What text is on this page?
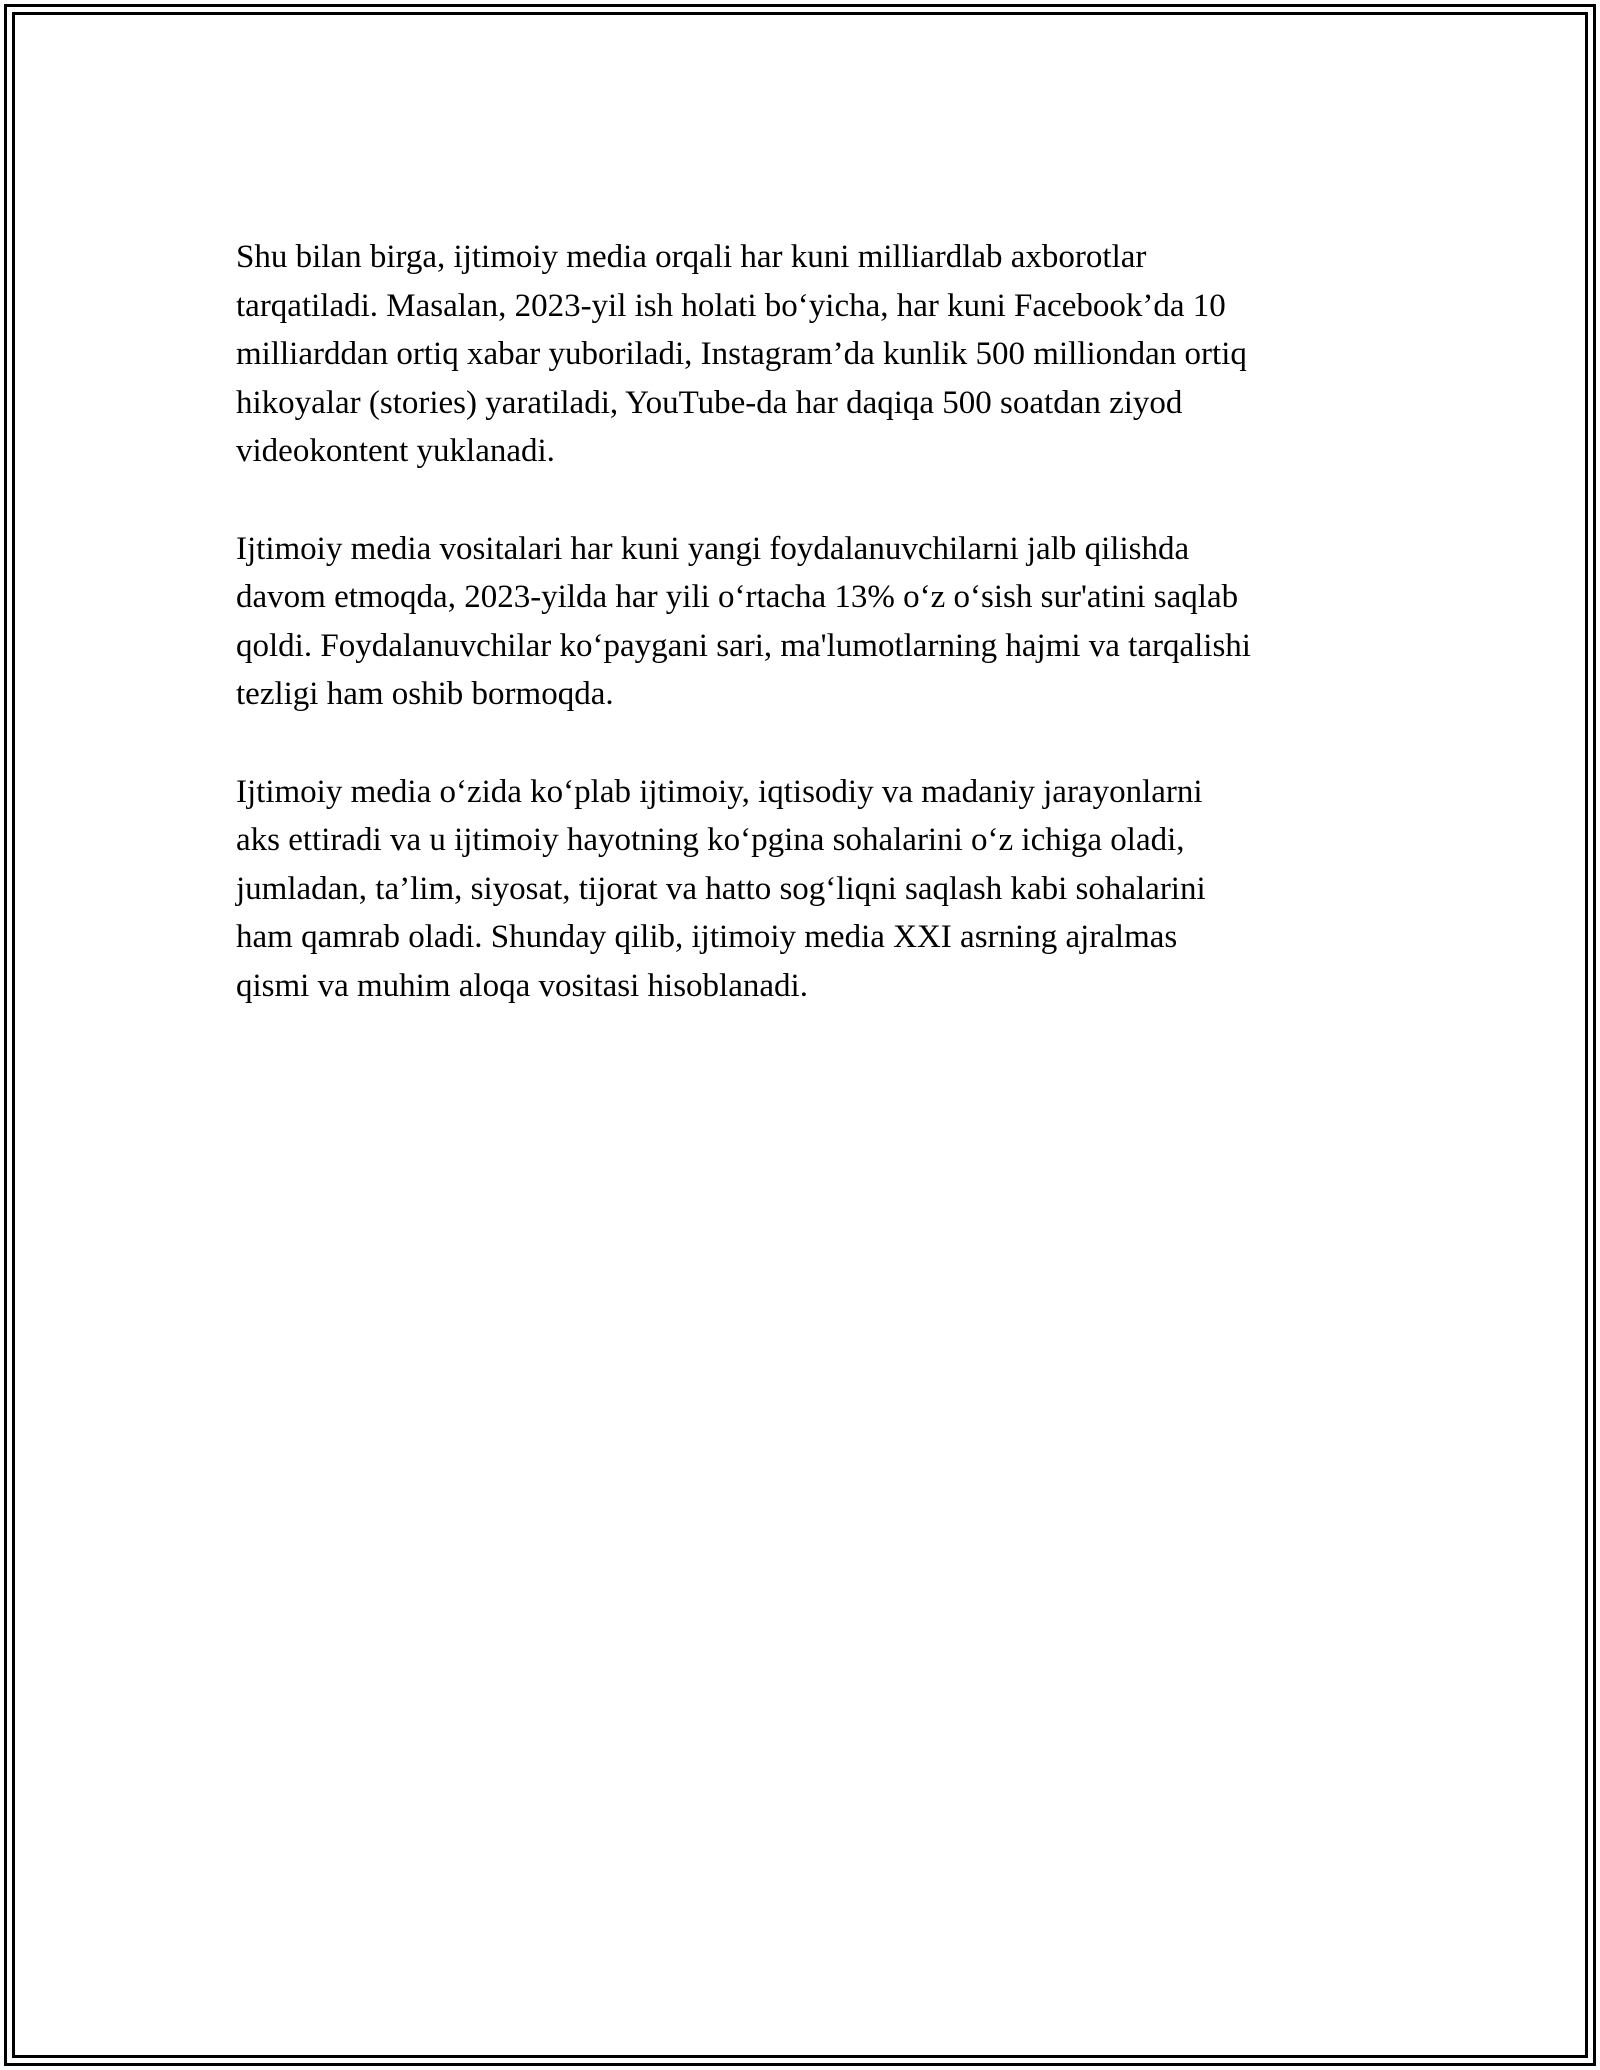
Shu bilan birga, ijtimoiy media orqali har kuni milliardlab axborotlar
tarqatiladi. Masalan, 2023-yil ish holati bo‘yicha, har kuni Facebook’da 10
milliarddan ortiq xabar yuboriladi, Instagram’da kunlik 500 milliondan ortiq
hikoyalar (stories) yaratiladi, YouTube-da har daqiqa 500 soatdan ziyod
videokontent yuklanadi.

Ijtimoiy media vositalari har kuni yangi foydalanuvchilarni jalb qilishda
davom etmoqda, 2023-yilda har yili o‘rtacha 13% o‘z o‘sish sur'atini saqlab
qoldi. Foydalanuvchilar ko‘paygani sari, ma'lumotlarning hajmi va tarqalishi
tezligi ham oshib bormoqda.

Ijtimoiy media o‘zida ko‘plab ijtimoiy, iqtisodiy va madaniy jarayonlarni
aks ettiradi va u ijtimoiy hayotning ko‘pgina sohalarini o‘z ichiga oladi,
jumladan, ta’lim, siyosat, tijorat va hatto sog‘liqni saqlash kabi sohalarini
ham qamrab oladi. Shunday qilib, ijtimoiy media XXI asrning ajralmas
qismi va muhim aloqa vositasi hisoblanadi.
